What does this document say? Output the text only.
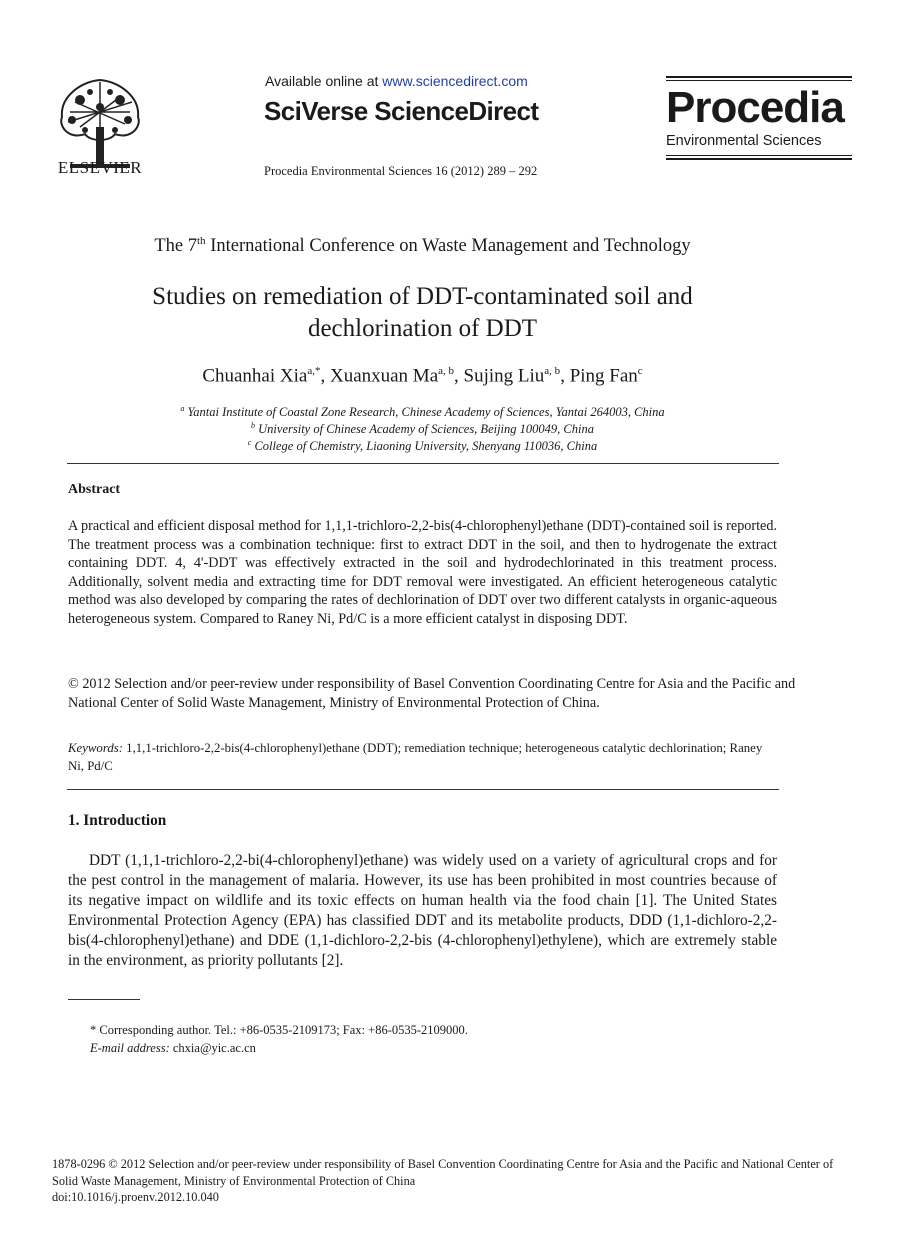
ELSEVIER
Available online at www.sciencedirect.com
SciVerse ScienceDirect
Procedia Environmental Sciences 16 (2012) 289 – 292
Procedia
Environmental Sciences
The 7th International Conference on Waste Management and Technology
Studies on remediation of DDT-contaminated soil and
dechlorination of DDT
Chuanhai Xia$^{a,*}$, Xuanxuan Ma$^{a, b}$, Sujing Liu$^{a, b}$, Ping Fan$^c$
$^a$ Yantai Institute of Coastal Zone Research, Chinese Academy of Sciences, Yantai 264003, China
$^b$ University of Chinese Academy of Sciences, Beijing 100049, China
$^c$ College of Chemistry, Liaoning University, Shenyang 110036, China
Abstract
A practical and efficient disposal method for 1,1,1-trichloro-2,2-bis(4-chlorophenyl)ethane (DDT)-contained soil is reported. The treatment process was a combination technique: first to extract DDT in the soil, and then to hydrogenate the extract containing DDT. 4, 4'-DDT was effectively extracted in the soil and hydrodechlorinated in this treatment process. Additionally, solvent media and extracting time for DDT removal were investigated. An efficient heterogeneous catalytic method was also developed by comparing the rates of dechlorination of DDT over two different catalysts in organic-aqueous heterogeneous system. Compared to Raney Ni, Pd/C is a more efficient catalyst in disposing DDT.
© 2012 Selection and/or peer-review under responsibility of Basel Convention Coordinating Centre for Asia and the Pacific and National Center of Solid Waste Management, Ministry of Environmental Protection of China.
Keywords: 1,1,1-trichloro-2,2-bis(4-chlorophenyl)ethane (DDT); remediation technique; heterogeneous catalytic dechlorination; Raney Ni, Pd/C
1. Introduction
DDT (1,1,1-trichloro-2,2-bi(4-chlorophenyl)ethane) was widely used on a variety of agricultural crops and for the pest control in the management of malaria. However, its use has been prohibited in most countries because of its negative impact on wildlife and its toxic effects on human health via the food chain [1]. The United States Environmental Protection Agency (EPA) has classified DDT and its metabolite products, DDD (1,1-dichloro-2,2-bis(4-chlorophenyl)ethane) and DDE (1,1-dichloro-2,2-bis (4-chlorophenyl)ethylene), which are extremely stable in the environment, as priority pollutants [2].
* Corresponding author. Tel.: +86-0535-2109173; Fax: +86-0535-2109000.
E-mail address: chxia@yic.ac.cn
1878-0296 © 2012 Selection and/or peer-review under responsibility of Basel Convention Coordinating Centre for Asia and the Pacific and National Center of Solid Waste Management, Ministry of Environmental Protection of China
doi:10.1016/j.proenv.2012.10.040
